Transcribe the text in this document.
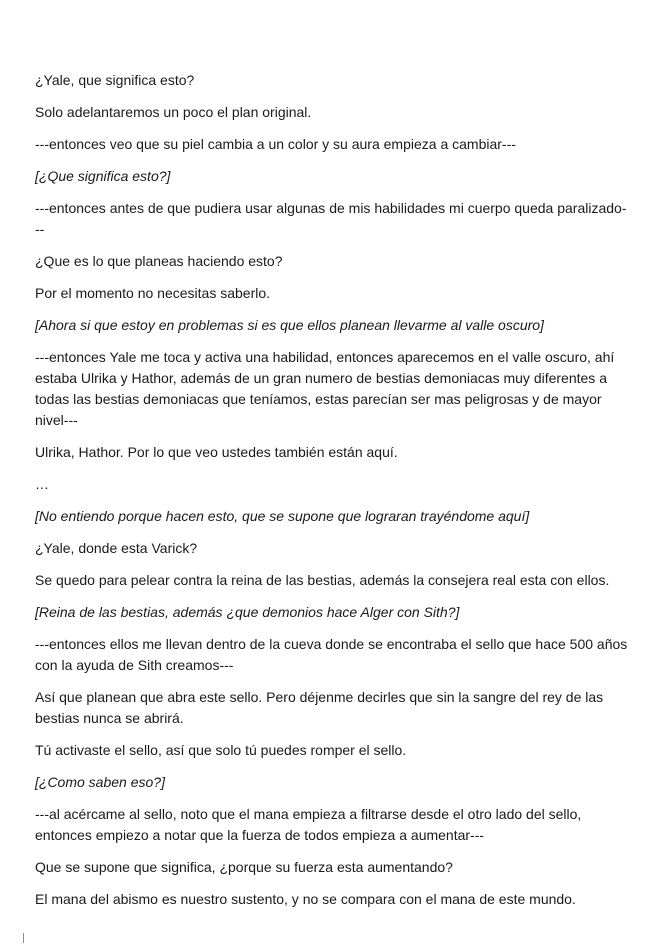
¿Yale, que significa esto?

Solo adelantaremos un poco el plan original.

---entonces veo que su piel cambia a un color y su aura empieza a cambiar---

[¿Que significa esto?]

---entonces antes de que pudiera usar algunas de mis habilidades mi cuerpo queda paralizado---

¿Que es lo que planeas haciendo esto?

Por el momento no necesitas saberlo.

[Ahora si que estoy en problemas si es que ellos planean llevarme al valle oscuro]

---entonces Yale me toca y activa una habilidad, entonces aparecemos en el valle oscuro, ahí estaba Ulrika y Hathor, además de un gran numero de bestias demoniacas muy diferentes a todas las bestias demoniacas que teníamos, estas parecían ser mas peligrosas y de mayor nivel---

Ulrika, Hathor. Por lo que veo ustedes también están aquí.

…

[No entiendo porque hacen esto, que se supone que lograran trayéndome aquí]

¿Yale, donde esta Varick?

Se quedo para pelear contra la reina de las bestias, además la consejera real esta con ellos.

[Reina de las bestias, además ¿que demonios hace Alger con Sith?]

---entonces ellos me llevan dentro de la cueva donde se encontraba el sello que hace 500 años con la ayuda de Sith creamos---

Así que planean que abra este sello. Pero déjenme decirles que sin la sangre del rey de las bestias nunca se abrirá.

Tú activaste el sello, así que solo tú puedes romper el sello.

[¿Como saben eso?]

---al acércame al sello, noto que el mana empieza a filtrarse desde el otro lado del sello, entonces empiezo a notar que la fuerza de todos empieza a aumentar---

Que se supone que significa, ¿porque su fuerza esta aumentando?

El mana del abismo es nuestro sustento, y no se compara con el mana de este mundo.
